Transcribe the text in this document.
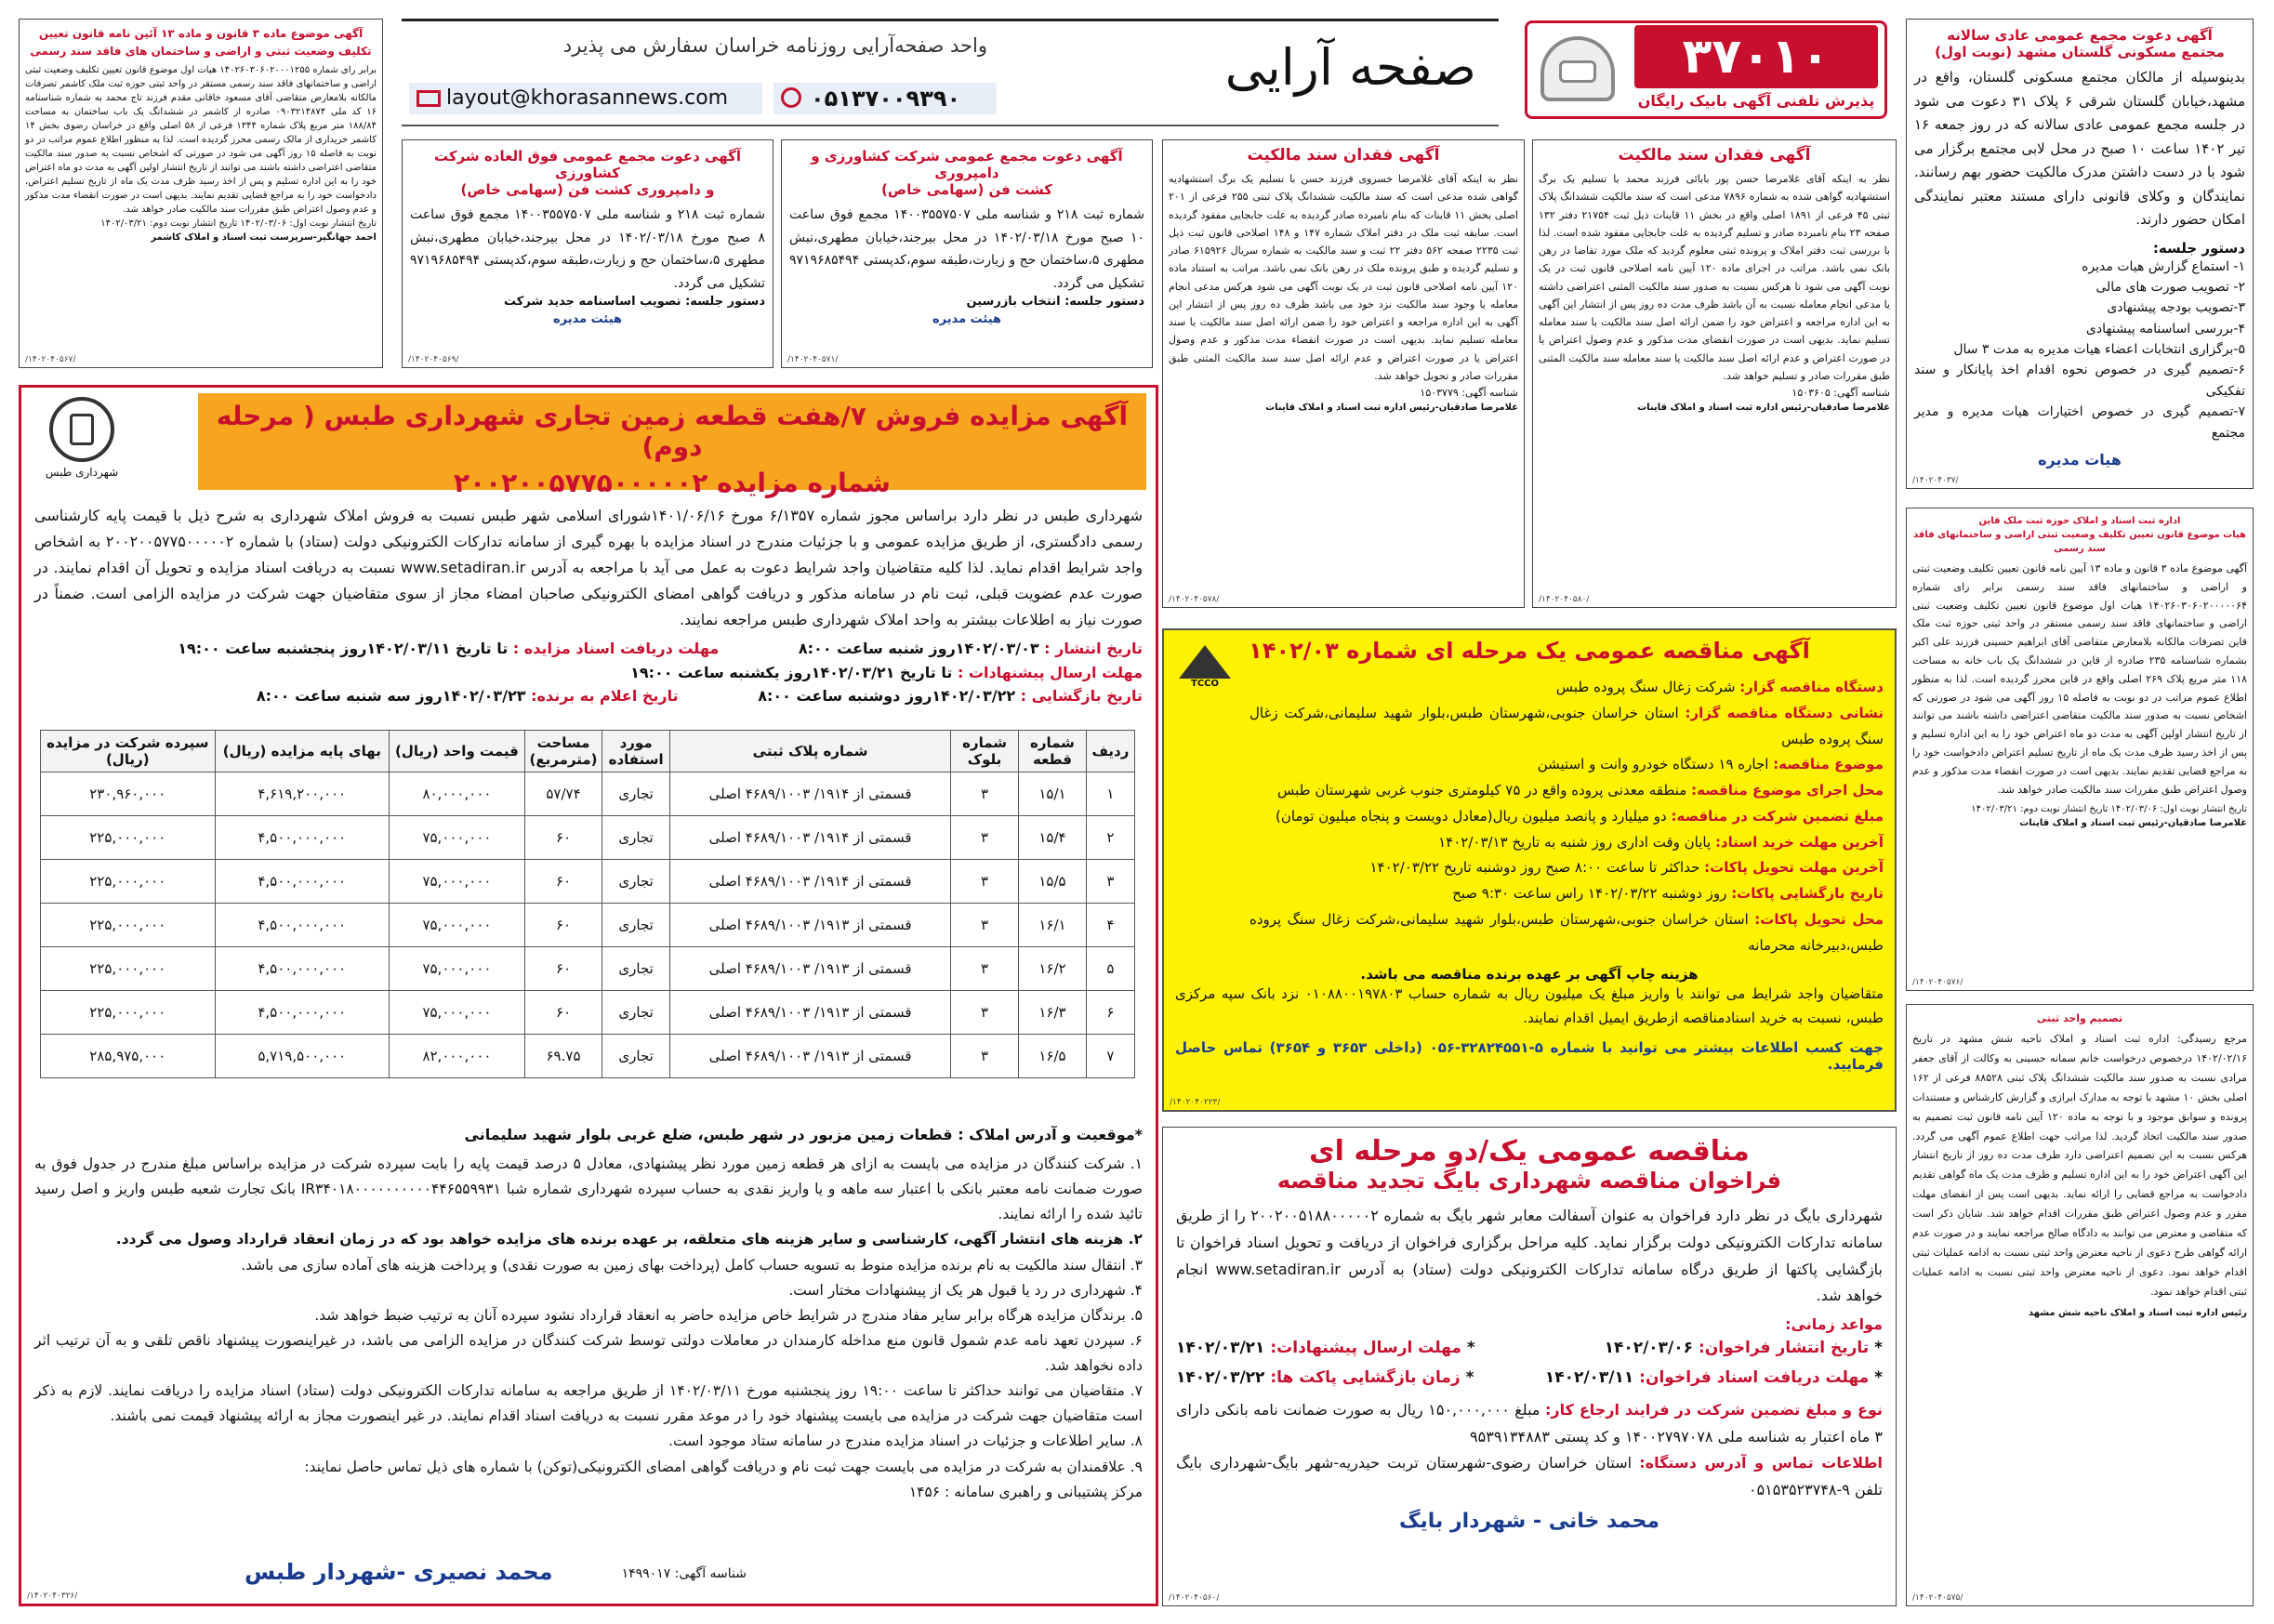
۳۷۰۱۰
پذیرش تلفنی آگهی بابیک رایگان
صفحه آرایی
واحد صفحه‌آرایی روزنامه خراسان سفارش می پذیرد
۰۵۱۳۷۰۰۹۳۹۰
layout@khorasannews.com
آگهی موضوع ماده ۳ قانون و ماده ۱۳ آئین نامه قانون تعیین تکلیف وضعیت ثبتی و اراضی و ساختمان های فاقد سند رسمی
برابر رای شماره ۱۴۰۲۶۰۳۰۶۰۲۰۰۰۱۲۵۵ هیات اول موضوع قانون تعیین تکلیف وضعیت ثبتی اراضی و ساختمانهای فاقد سند رسمی مستقر در واحد ثبتی حوزه ثبت ملک کاشمر تصرفات مالکانه بلامعارض متقاضی آقای مسعود خاقانی مقدم فرزند تاج محمد به شماره شناسنامه ۱۶ کد ملی ۰۹۰۳۲۱۴۸۷۴ صادره از کاشمر در ششدانگ یک باب ساختمان به مساحت ۱۸۸/۸۴ متر مربع پلاک شماره ۱۳۴۴ فرعی از ۵۸ اصلی واقع در خراسان رضوی بخش ۱۴ کاشمر خریداری از مالک رسمی محرز گردیده است. لذا به منظور اطلاع عموم مراتب در دو نوبت به فاصله ۱۵ روز آگهی می شود در صورتی که اشخاص نسبت به صدور سند مالکیت متقاضی اعتراضی داشته باشند می توانند از تاریخ انتشار اولین آگهی به مدت دو ماه اعتراض خود را به این اداره تسلیم و پس از اخذ رسید ظرف مدت یک ماه از تاریخ تسلیم اعتراض، دادخواست خود را به مراجع قضایی تقدیم نمایند. بدیهی است در صورت انقضاء مدت مذکور و عدم وصول اعتراض طبق مقررات سند مالکیت صادر خواهد شد.
تاریخ انتشار نوبت اول: ۱۴۰۲/۰۳/۰۶ تاریخ انتشار نوبت دوم: ۱۴۰۲/۰۳/۲۱
احمد جهانگیر-سرپرست ثبت اسناد و املاک کاشمر
/۱۴۰۲۰۴۰۵۶۷/
آگهی دعوت مجمع عمومی فوق العاده شرکت کشاورزی
و دامپروری کشت فن (سهامی خاص)
شماره ثبت ۲۱۸ و شناسه ملی ۱۴۰۰۳۵۵۷۵۰۷ مجمع فوق ساعت ۸ صبح مورخ ۱۴۰۲/۰۳/۱۸ در محل بیرجند،خیابان مطهری،نبش مطهری ۵،ساختمان حج و زیارت،طبقه سوم،کدپستی ۹۷۱۹۶۸۵۴۹۴ تشکیل می گردد.
دستور جلسه: تصویب اساسنامه جدید شرکت
هیئت مدیره
/۱۴۰۲۰۴۰۵۶۹/
آگهی دعوت مجمع عمومی شرکت کشاورزی و دامپروری
کشت فن (سهامی خاص)
شماره ثبت ۲۱۸ و شناسه ملی ۱۴۰۰۳۵۵۷۵۰۷ مجمع فوق ساعت ۱۰ صبح مورخ ۱۴۰۲/۰۳/۱۸ در محل بیرجند،خیابان مطهری،نبش مطهری ۵،ساختمان حج و زیارت،طبقه سوم،کدپستی ۹۷۱۹۶۸۵۴۹۴ تشکیل می گردد.
دستور جلسه: انتخاب بازرسین
هیئت مدیره
/۱۴۰۲۰۴۰۵۷۱/
آگهی فقدان سند مالکیت
نظر به اینکه آقای غلامرضا خسروی فرزند حسن با تسلیم یک برگ استشهادیه گواهی شده مدعی است که سند مالکیت ششدانگ پلاک ثبتی ۲۵۵ فرعی از ۲۰۱ اصلی بخش ۱۱ قاینات که بنام نامبرده صادر گردیده به علت جابجایی مفقود گردیده است. سابقه ثبت ملک در دفتر املاک شماره ۱۴۷ و ۱۴۸ اصلاحی قانون ثبت ذیل ثبت ۲۲۳۵ صفحه ۵۶۲ دفتر ۲۲ ثبت و سند مالکیت به شماره سریال ۶۱۵۹۲۶ صادر و تسلیم گردیده و طبق پرونده ملک در رهن بانک نمی باشد. مراتب به استناد ماده ۱۲۰ آیین نامه اصلاحی قانون ثبت در یک نوبت آگهی می شود هرکس مدعی انجام معامله یا وجود سند مالکیت نزد خود می باشد ظرف ده روز پس از انتشار این آگهی به این اداره مراجعه و اعتراض خود را ضمن ارائه اصل سند مالکیت یا سند معامله تسلیم نماید. بدیهی است در صورت انقضاء مدت مذکور و عدم وصول اعتراض یا در صورت اعتراض و عدم ارائه اصل سند سند مالکیت المثنی طبق مقررات صادر و تحویل خواهد شد.
شناسه آگهی: ۱۵۰۳۷۷۹
غلامرضا صادقیان-رئیس اداره ثبت اسناد و املاک قاینات
/۱۴۰۲۰۴۰۵۷۸/
آگهی فقدان سند مالکیت
نظر به اینکه آقای غلامرضا حسن پور بابائی فرزند محمد با تسلیم یک برگ استشهادیه گواهی شده به شماره ۷۸۹۶ مدعی است که سند مالکیت ششدانگ پلاک ثبتی ۴۵ فرعی از ۱۸۹۱ اصلی واقع در بخش ۱۱ قاینات ذیل ثبت ۲۱۷۵۴ دفتر ۱۳۲ صفحه ۲۳ بنام نامبرده صادر و تسلیم گردیده به علت جابجایی مفقود شده است. لذا با بررسی ثبت دفتر املاک و پرونده ثبتی معلوم گردید که ملک مورد تقاضا در رهن بانک نمی باشد. مراتب در اجرای ماده ۱۲۰ آیین نامه اصلاحی قانون ثبت در یک نوبت آگهی می شود تا هرکس نسبت به صدور سند مالکیت المثنی اعتراضی داشته یا مدعی انجام معامله نسبت به آن باشد ظرف مدت ده روز پس از انتشار این آگهی به این اداره مراجعه و اعتراض خود را ضمن ارائه اصل سند مالکیت یا سند معامله تسلیم نماید. بدیهی است در صورت انقضای مدت مذکور و عدم وصول اعتراض یا در صورت اعتراض و عدم ارائه اصل سند مالکیت یا سند معامله سند مالکیت المثنی طبق مقررات صادر و تسلیم خواهد شد.
شناسه آگهی: ۱۵۰۳۶۰۵
غلامرضا صادقیان-رئیس اداره ثبت اسناد و املاک قاینات
/۱۴۰۲۰۴۰۵۸۰/
آگهی دعوت مجمع عمومی عادی سالانه
مجتمع مسکونی گلستان مشهد (نوبت اول)
بدینوسیله از مالکان مجتمع مسکونی گلستان، واقع در مشهد،خیابان گلستان شرقی ۶ پلاک ۳۱ دعوت می شود در جلسه مجمع عمومی عادی سالانه که در روز جمعه ۱۶ تیر ۱۴۰۲ ساعت ۱۰ صبح در محل لابی مجتمع برگزار می شود با در دست داشتن مدرک مالکیت حضور بهم رسانند. نمایندگان و وکلای قانونی دارای مستند معتبر نمایندگی امکان حضور دارند.
دستور جلسه:
۱- استماع گزارش هیات مدیره
۲- تصویب صورت های مالی
۳-تصویب بودجه پیشنهادی
۴-بررسی اساسنامه پیشنهادی
۵-برگزاری انتخابات اعضاء هیات مدیره به مدت ۳ سال
۶-تصمیم گیری در خصوص نحوه اقدام اخذ پایانکار و سند تفکیکی
۷-تصمیم گیری در خصوص اختیارات هیات مدیره و مدیر مجتمع
هیات مدیره
/۱۴۰۲۰۴۰۳۷/
اداره ثبت اسناد و املاک حوزه ثبت ملک قاین
هیات موضوع قانون تعیین تکلیف وضعیت ثبتی اراضی و ساختمانهای فاقد سند رسمی
آگهی موضوع ماده ۳ قانون و ماده ۱۳ آیین نامه قانون تعیین تکلیف وضعیت ثبتی و اراضی و ساختمانهای فاقد سند رسمی برابر رای شماره ۱۴۰۲۶۰۳۰۶۰۲۰۰۰۰۰۶۴ هیات اول موضوع قانون تعیین تکلیف وضعیت ثبتی اراضی و ساختمانهای فاقد سند رسمی مستقر در واحد ثبتی حوزه ثبت ملک قاین تصرفات مالکانه بلامعارض متقاضی آقای ابراهیم حسینی فرزند علی اکبر بشماره شناسنامه ۲۳۵ صادره از قاین در ششدانگ یک باب خانه به مساحت ۱۱۸ متر مربع پلاک ۲۶۹ اصلی واقع در قاین محرز گردیده است. لذا به منظور اطلاع عموم مراتب در دو نوبت به فاصله ۱۵ روز آگهی می شود در صورتی که اشخاص نسبت به صدور سند مالکیت متقاضی اعتراضی داشته باشند می توانند از تاریخ انتشار اولین آگهی به مدت دو ماه اعتراض خود را به این اداره تسلیم و پس از اخذ رسید ظرف مدت یک ماه از تاریخ تسلیم اعتراض دادخواست خود را به مراجع قضایی تقدیم نمایند. بدیهی است در صورت انقضاء مدت مذکور و عدم وصول اعتراض طبق مقررات سند مالکیت صادر خواهد شد.
تاریخ انتشار نوبت اول: ۱۴۰۲/۰۳/۰۶ تاریخ انتشار نوبت دوم: ۱۴۰۲/۰۳/۲۱
غلامرضا صادقیان-رئیس ثبت اسناد و املاک قاینات
/۱۴۰۲۰۴۰۵۷۶/
تصمیم واحد ثبتی
مرجع رسیدگی: اداره ثبت اسناد و املاک ناحیه شش مشهد در تاریخ ۱۴۰۲/۰۲/۱۶ درخصوص درخواست خانم سمانه حسینی به وکالت از آقای جعفر مرادی نسبت به صدور سند مالکیت ششدانگ پلاک ثبتی ۸۸۵۲۸ فرعی از ۱۶۲ اصلی بخش ۱۰ مشهد با توجه به مدارک ابرازی و گزارش کارشناس و مستندات پرونده و سوابق موجود و با توجه به ماده ۱۲۰ آیین نامه قانون ثبت تصمیم به صدور سند مالکیت اتخاذ گردید. لذا مراتب جهت اطلاع عموم آگهی می گردد. هرکس نسبت به این تصمیم اعتراضی دارد ظرف مدت ده روز از تاریخ انتشار این آگهی اعتراض خود را به این اداره تسلیم و ظرف مدت یک ماه گواهی تقدیم دادخواست به مراجع قضایی را ارائه نماید. بدیهی است پس از انقضای مهلت مقرر و عدم وصول اعتراض طبق مقررات اقدام خواهد شد. شایان ذکر است که متقاضی و معترض می توانند به دادگاه صالح مراجعه نمایند و در صورت عدم ارائه گواهی طرح دعوی از ناحیه معترض واحد ثبتی نسبت به ادامه عملیات ثبتی اقدام خواهد نمود. دعوی از ناحیه معترض واحد ثبتی نسبت به ادامه عملیات ثبتی اقدام خواهد نمود.
رئیس اداره ثبت اسناد و املاک ناحیه شش مشهد
/۱۴۰۲۰۴۰۵۷۵/
شهرداری طبس
آگهی مزایده فروش ۷/هفت قطعه زمین تجاری شهرداری طبس ( مرحله دوم)
شماره مزایده ۲۰۰۲۰۰۵۷۷۵۰۰۰۰۰۲
شهرداری طبس در نظر دارد براساس مجوز شماره ۶/۱۳۵۷ مورخ ۱۴۰۱/۰۶/۱۶شورای اسلامی شهر طبس نسبت به فروش املاک شهرداری به شرح ذیل با قیمت پایه کارشناسی رسمی دادگستری، از طریق مزایده عمومی و با جزئیات مندرج در اسناد مزایده با بهره گیری از سامانه تدارکات الکترونیکی دولت (ستاد) با شماره ۲۰۰۲۰۰۵۷۷۵۰۰۰۰۰۲ به اشخاص واجد شرایط اقدام نماید. لذا کلیه متقاضیان واجد شرایط دعوت به عمل می آید با مراجعه به آدرس www.setadiran.ir نسبت به دریافت اسناد مزایده و تحویل آن اقدام نمایند. در صورت عدم عضویت قبلی، ثبت نام در سامانه مذکور و دریافت گواهی امضای الکترونیکی صاحبان امضاء مجاز از سوی متقاضیان جهت شرکت در مزایده الزامی است. ضمناً در صورت نیاز به اطلاعات بیشتر به واحد املاک شهرداری طبس مراجعه نمایند.
تاریخ انتشار : ۱۴۰۲/۰۳/۰۳روز شنبه ساعت ۸:۰۰ مهلت دریافت اسناد مزایده : تا تاریخ ۱۴۰۲/۰۳/۱۱روز پنجشنبه ساعت ۱۹:۰۰
مهلت ارسال پیشنهادات : تا تاریخ ۱۴۰۲/۰۳/۲۱روز یکشنبه ساعت ۱۹:۰۰
تاریخ بازگشایی : ۱۴۰۲/۰۳/۲۲روز دوشنبه ساعت ۸:۰۰ تاریخ اعلام به برنده: ۱۴۰۲/۰۳/۲۳روز سه شنبه ساعت ۸:۰۰
ردیف	شماره قطعه	شماره بلوک	شماره پلاک ثبتی	مورد استفاده	مساحت (مترمربع)	قیمت واحد (ریال)	بهای پایه مزایده (ریال)	سپرده شرکت در مزایده (ریال)
۱	۱۵/۱	۳	قسمتی از ۱۹۱۴/ ۴۶۸۹/۱۰۰۳ اصلی	تجاری	۵۷/۷۴	۸۰,۰۰۰,۰۰۰	۴,۶۱۹,۲۰۰,۰۰۰	۲۳۰,۹۶۰,۰۰۰
۲	۱۵/۴	۳	قسمتی از ۱۹۱۴/ ۴۶۸۹/۱۰۰۳ اصلی	تجاری	۶۰	۷۵,۰۰۰,۰۰۰	۴,۵۰۰,۰۰۰,۰۰۰	۲۲۵,۰۰۰,۰۰۰
۳	۱۵/۵	۳	قسمتی از ۱۹۱۴/ ۴۶۸۹/۱۰۰۳ اصلی	تجاری	۶۰	۷۵,۰۰۰,۰۰۰	۴,۵۰۰,۰۰۰,۰۰۰	۲۲۵,۰۰۰,۰۰۰
۴	۱۶/۱	۳	قسمتی از ۱۹۱۳/ ۴۶۸۹/۱۰۰۳ اصلی	تجاری	۶۰	۷۵,۰۰۰,۰۰۰	۴,۵۰۰,۰۰۰,۰۰۰	۲۲۵,۰۰۰,۰۰۰
۵	۱۶/۲	۳	قسمتی از ۱۹۱۳/ ۴۶۸۹/۱۰۰۳ اصلی	تجاری	۶۰	۷۵,۰۰۰,۰۰۰	۴,۵۰۰,۰۰۰,۰۰۰	۲۲۵,۰۰۰,۰۰۰
۶	۱۶/۳	۳	قسمتی از ۱۹۱۳/ ۴۶۸۹/۱۰۰۳ اصلی	تجاری	۶۰	۷۵,۰۰۰,۰۰۰	۴,۵۰۰,۰۰۰,۰۰۰	۲۲۵,۰۰۰,۰۰۰
۷	۱۶/۵	۳	قسمتی از ۱۹۱۳/ ۴۶۸۹/۱۰۰۳ اصلی	تجاری	۶۹.۷۵	۸۲,۰۰۰,۰۰۰	۵,۷۱۹,۵۰۰,۰۰۰	۲۸۵,۹۷۵,۰۰۰
*موقعیت و آدرس املاک : قطعات زمین مزبور در شهر طبس، ضلع غربی بلوار شهید سلیمانی
۱. شرکت کنندگان در مزایده می بایست به ازای هر قطعه زمین مورد نظر پیشنهادی، معادل ۵ درصد قیمت پایه را بابت سپرده شرکت در مزایده براساس مبلغ مندرج در جدول فوق به صورت ضمانت نامه معتبر بانکی با اعتبار سه ماهه و یا واریز نقدی به حساب سپرده شهرداری شماره شبا IR۳۴۰۱۸۰۰۰۰۰۰۰۰۰۰۴۴۶۵۵۹۹۳۱ بانک تجارت شعبه طبس واریز و اصل رسید تائید شده را ارائه نمایند.
۲. هزینه های انتشار آگهی، کارشناسی و سایر هزینه های متعلقه، بر عهده برنده های مزایده خواهد بود که در زمان انعقاد قرارداد وصول می گردد.
۳. انتقال سند مالکیت به نام برنده مزایده منوط به تسویه حساب کامل (پرداخت بهای زمین به صورت نقدی) و پرداخت هزینه های آماده سازی می باشد.
۴. شهرداری در رد یا قبول هر یک از پیشنهادات مختار است.
۵. برندگان مزایده هرگاه برابر سایر مفاد مندرج در شرایط خاص مزایده حاضر به انعقاد قرارداد نشود سپرده آنان به ترتیب ضبط خواهد شد.
۶. سپردن تعهد نامه عدم شمول قانون منع مداخله کارمندان در معاملات دولتی توسط شرکت کنندگان در مزایده الزامی می باشد، در غیراینصورت پیشنهاد ناقص تلقی و به آن ترتیب اثر داده نخواهد شد.
۷. متقاضیان می توانند حداکثر تا ساعت ۱۹:۰۰ روز پنجشنبه مورخ ۱۴۰۲/۰۳/۱۱ از طریق مراجعه به سامانه تدارکات الکترونیکی دولت (ستاد) اسناد مزایده را دریافت نمایند. لازم به ذکر است متقاضیان جهت شرکت در مزایده می بایست پیشنهاد خود را در موعد مقرر نسبت به دریافت اسناد اقدام نمایند. در غیر اینصورت مجاز به ارائه پیشنهاد قیمت نمی باشند.
۸. سایر اطلاعات و جزئیات در اسناد مزایده مندرج در سامانه ستاد موجود است.
۹. علاقمندان به شرکت در مزایده می بایست جهت ثبت نام و دریافت گواهی امضای الکترونیکی(توکن) با شماره های ذیل تماس حاصل نمایند:
مرکز پشتیبانی و راهبری سامانه : ۱۴۵۶
شناسه آگهی: ۱۴۹۹۰۱۷
محمد نصیری -شهردار طبس
/۱۴۰۲۰۴۰۳۲۶/
TCCO
آگهی مناقصه عمومی یک مرحله ای شماره ۱۴۰۲/۰۳
دستگاه مناقصه گزار: شرکت زغال سنگ پروده طبس
نشانی دستگاه مناقصه گزار: استان خراسان جنوبی،شهرستان طبس،بلوار شهید سلیمانی،شرکت زغال سنگ پروده طبس
موضوع مناقصه: اجاره ۱۹ دستگاه خودرو وانت و استیشن
محل اجرای موضوع مناقصه: منطقه معدنی پروده واقع در ۷۵ کیلومتری جنوب غربی شهرستان طبس
مبلغ تضمین شرکت در مناقصه: دو میلیارد و پانصد میلیون ریال(معادل دویست و پنجاه میلیون تومان)
آخرین مهلت خرید اسناد: پایان وقت اداری روز شنبه به تاریخ ۱۴۰۲/۰۳/۱۳
آخرین مهلت تحویل پاکات: حداکثر تا ساعت ۸:۰۰ صبح روز دوشنبه تاریخ ۱۴۰۲/۰۳/۲۲
تاریخ بازگشایی پاکات: روز دوشنبه ۱۴۰۲/۰۳/۲۲ راس ساعت ۹:۳۰ صبح
محل تحویل پاکات: استان خراسان جنوبی،شهرستان طبس،بلوار شهید سلیمانی،شرکت زغال سنگ پروده طبس،دبیرخانه محرمانه
هزینه چاپ آگهی بر عهده برنده مناقصه می باشد.
متقاضیان واجد شرایط می توانند با واریز مبلغ یک میلیون ریال به شماره حساب ۰۱۰۸۸۰۰۱۹۷۸۰۳ نزد بانک سپه مرکزی طبس، نسبت به خرید اسنادمناقصه ازطریق ایمیل اقدام نمایند.
جهت کسب اطلاعات بیشتر می توانید با شماره ۵-۳۲۸۲۴۵۵۱-۰۵۶ (داخلی ۳۶۵۳ و ۳۶۵۴) تماس حاصل فرمایید.
/۱۴۰۲۰۴۰۲۲۳/
مناقصه عمومی یک/دو مرحله ای
فراخوان مناقصه شهرداری بایگ تجدید مناقصه
شهرداری بایگ در نظر دارد فراخوان به عنوان آسفالت معابر شهر بایگ به شماره ۲۰۰۲۰۰۵۱۸۸۰۰۰۰۰۲ را از طریق سامانه تدارکات الکترونیکی دولت برگزار نماید. کلیه مراحل برگزاری فراخوان از دریافت و تحویل اسناد فراخوان تا بازگشایی پاکتها از طریق درگاه سامانه تدارکات الکترونیکی دولت (ستاد) به آدرس www.setadiran.ir انجام خواهد شد.
مواعد زمانی:
* تاریخ انتشار فراخوان: ۱۴۰۲/۰۳/۰۶
* مهلت ارسال پیشنهادات: ۱۴۰۲/۰۳/۲۱
* مهلت دریافت اسناد فراخوان: ۱۴۰۲/۰۳/۱۱
* زمان بازگشایی پاکت ها: ۱۴۰۲/۰۳/۲۲
نوع و مبلغ تضمین شرکت در فرایند ارجاع کار: مبلغ ۱۵۰,۰۰۰,۰۰۰ ریال به صورت ضمانت نامه بانکی دارای ۳ ماه اعتبار به شناسه ملی ۱۴۰۰۲۷۹۷۰۷۸ و کد پستی ۹۵۳۹۱۳۴۸۸۳
اطلاعات تماس و آدرس دستگاه: استان خراسان رضوی-شهرستان تربت حیدریه-شهر بایگ-شهرداری بایگ تلفن ۹-۰۵۱۵۳۵۲۳۷۴۸
محمد خانی - شهردار بایگ
/۱۴۰۲۰۴۰۵۶۰/
